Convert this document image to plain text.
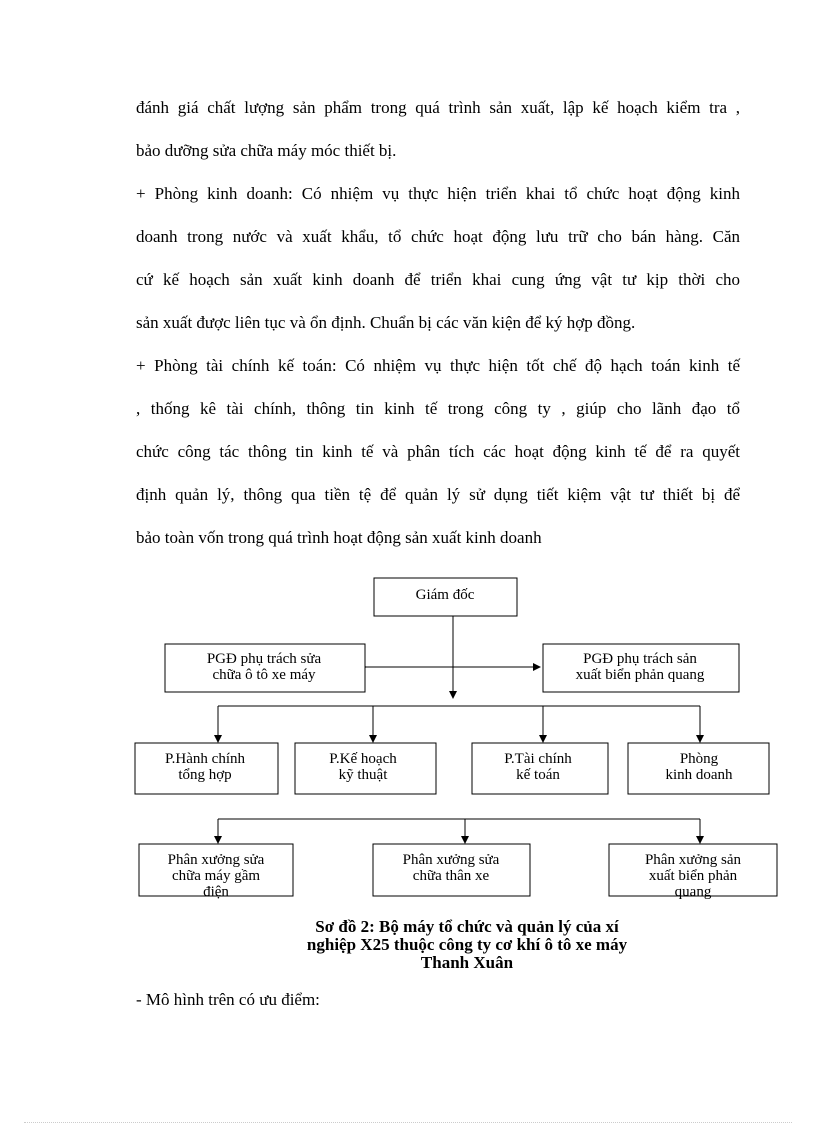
đánh giá chất lượng sản phẩm trong quá trình sản xuất, lập kế hoạch kiểm tra ,
bảo dưỡng sửa chữa máy móc thiết bị.
+ Phòng kinh doanh: Có nhiệm vụ thực hiện triển khai tổ chức hoạt động kinh
doanh trong nước và xuất khẩu, tổ chức hoạt động lưu trữ cho bán hàng. Căn
cứ kế hoạch sản xuất kinh doanh để triển khai cung ứng vật tư kịp thời cho
sản xuất được liên tục và ổn định. Chuẩn bị các văn kiện để ký hợp đồng.
+ Phòng tài chính kế toán: Có nhiệm vụ thực hiện tốt chế độ hạch toán kinh tế
, thống kê tài chính, thông tin kinh tế trong công ty , giúp cho lãnh đạo tổ
chức công tác thông tin kinh tế và phân tích các hoạt động kinh tế để ra quyết
định quản lý, thông qua tiền tệ để quản lý sử dụng tiết kiệm vật tư thiết bị để
bảo toàn vốn trong quá trình hoạt động sản xuất kinh doanh
Giám đốc
PGĐ phụ trách sửa
chữa ô tô xe máy
PGĐ phụ trách sản
xuất biển phản quang
P.Hành chính
tổng hợp
P.Kế hoạch
kỹ thuật
P.Tài chính
kế toán
Phòng
kinh doanh
Phân xưởng sửa
chữa máy gầm
điện
Phân xưởng sửa
chữa thân xe
Phân xưởng sản
xuất biển phản
quang
Sơ đồ 2: Bộ máy tổ chức và quản lý của xí
nghiệp X25 thuộc công ty cơ khí ô tô xe máy
Thanh Xuân
- Mô hình trên có ưu điểm:
